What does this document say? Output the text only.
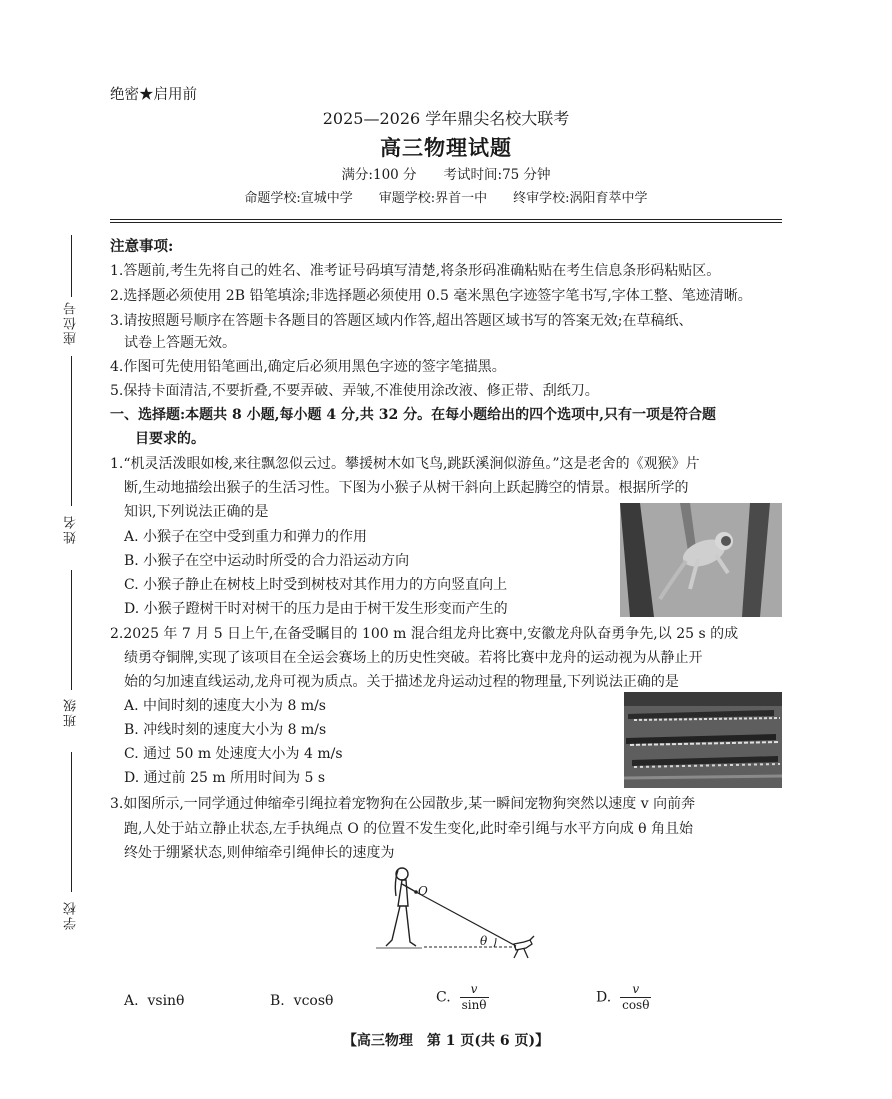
绝密★启用前
2025—2026 学年鼎尖名校大联考
高三物理试题
满分:100 分　　考试时间:75 分钟
命题学校:宣城中学　　审题学校:界首一中　　终审学校:涡阳育萃中学
座位号
姓名
班级
学校
注意事项:
1.答题前,考生先将自己的姓名、准考证号码填写清楚,将条形码准确粘贴在考生信息条形码粘贴区。
2.选择题必须使用 2B 铅笔填涂;非选择题必须使用 0.5 毫米黑色字迹签字笔书写,字体工整、笔迹清晰。
3.请按照题号顺序在答题卡各题目的答题区域内作答,超出答题区域书写的答案无效;在草稿纸、
　试卷上答题无效。
4.作图可先使用铅笔画出,确定后必须用黑色字迹的签字笔描黑。
5.保持卡面清洁,不要折叠,不要弄破、弄皱,不准使用涂改液、修正带、刮纸刀。
一、选择题:本题共 8 小题,每小题 4 分,共 32 分。在每小题给出的四个选项中,只有一项是符合题
目要求的。
1.“机灵活泼眼如梭,来往飘忽似云过。攀援树木如飞鸟,跳跃溪涧似游鱼。”这是老舍的《观猴》片
断,生动地描绘出猴子的生活习性。下图为小猴子从树干斜向上跃起腾空的情景。根据所学的
知识,下列说法正确的是
A. 小猴子在空中受到重力和弹力的作用
B. 小猴子在空中运动时所受的合力沿运动方向
C. 小猴子静止在树枝上时受到树枝对其作用力的方向竖直向上
D. 小猴子蹬树干时对树干的压力是由于树干发生形变而产生的
2.2025 年 7 月 5 日上午,在备受瞩目的 100 m 混合组龙舟比赛中,安徽龙舟队奋勇争先,以 25 s 的成
绩勇夺铜牌,实现了该项目在全运会赛场上的历史性突破。若将比赛中龙舟的运动视为从静止开
始的匀加速直线运动,龙舟可视为质点。关于描述龙舟运动过程的物理量,下列说法正确的是
A. 中间时刻的速度大小为 8 m/s
B. 冲线时刻的速度大小为 8 m/s
C. 通过 50 m 处速度大小为 4 m/s
D. 通过前 25 m 所用时间为 5 s
3.如图所示,一同学通过伸缩牵引绳拉着宠物狗在公园散步,某一瞬间宠物狗突然以速度 v 向前奔
跑,人处于站立静止状态,左手执绳点 O 的位置不发生变化,此时牵引绳与水平方向成 θ 角且始
终处于绷紧状态,则伸缩牵引绳伸长的速度为
O
θ
A. vsinθ	B. vcosθ	C. $\frac{v}{\sin\theta}$	D. $\frac{v}{\cos\theta}$
【高三物理　第 1 页(共 6 页)】
